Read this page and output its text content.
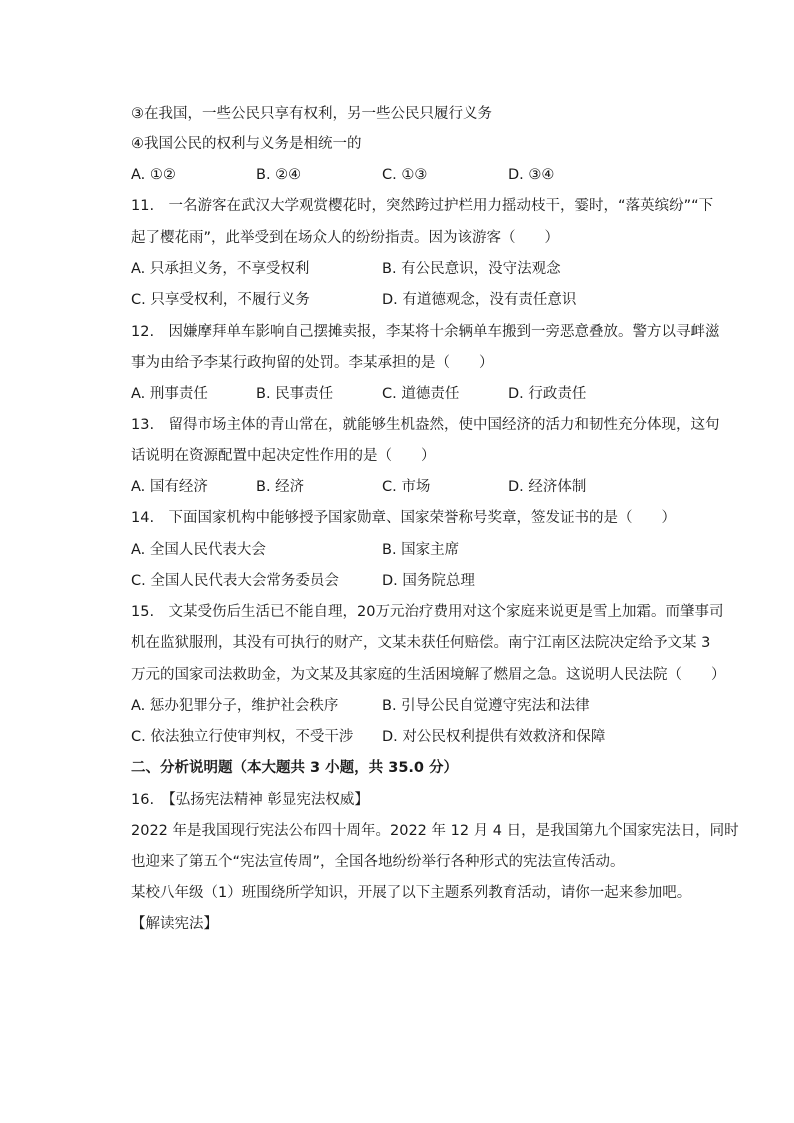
③在我国，一些公民只享有权利，另一些公民只履行义务
④我国公民的权利与义务是相统一的
A. ①②	B. ②④	C. ①③	D. ③④
11.　一名游客在武汉大学观赏樱花时，突然跨过护栏用力摇动枝干，霎时，“落英缤纷”“下
起了樱花雨”，此举受到在场众人的纷纷指责。因为该游客（　　）
A. 只承担义务，不享受权利	B. 有公民意识，没守法观念
C. 只享受权利，不履行义务	D. 有道德观念，没有责任意识
12.　因嫌摩拜单车影响自己摆摊卖报，李某将十余辆单车搬到一旁恶意叠放。警方以寻衅滋
事为由给予李某行政拘留的处罚。李某承担的是（　　）
A. 刑事责任	B. 民事责任	C. 道德责任	D. 行政责任
13.　留得市场主体的青山常在，就能够生机盎然，使中国经济的活力和韧性充分体现，这句
话说明在资源配置中起决定性作用的是（　　）
A. 国有经济	B. 经济	C. 市场	D. 经济体制
14.　下面国家机构中能够授予国家勋章、国家荣誉称号奖章，签发证书的是（　　）
A. 全国人民代表大会	B. 国家主席
C. 全国人民代表大会常务委员会	D. 国务院总理
15.　文某受伤后生活已不能自理，20万元治疗费用对这个家庭来说更是雪上加霜。而肇事司
机在监狱服刑，其没有可执行的财产，文某未获任何赔偿。南宁江南区法院决定给予文某 3
万元的国家司法救助金，为文某及其家庭的生活困境解了燃眉之急。这说明人民法院（　　）
A. 惩办犯罪分子，维护社会秩序	B. 引导公民自觉遵守宪法和法律
C. 依法独立行使审判权，不受干涉 D. 对公民权利提供有效救济和保障
二、分析说明题（本大题共 3 小题，共 35.0 分）
16.　【弘扬宪法精神 彰显宪法权威】
2022 年是我国现行宪法公布四十周年。2022 年 12 月 4 日，是我国第九个国家宪法日，同时
也迎来了第五个“宪法宣传周”，全国各地纷纷举行各种形式的宪法宣传活动。
某校八年级（1）班围绕所学知识，开展了以下主题系列教育活动，请你一起来参加吧。
【解读宪法】
